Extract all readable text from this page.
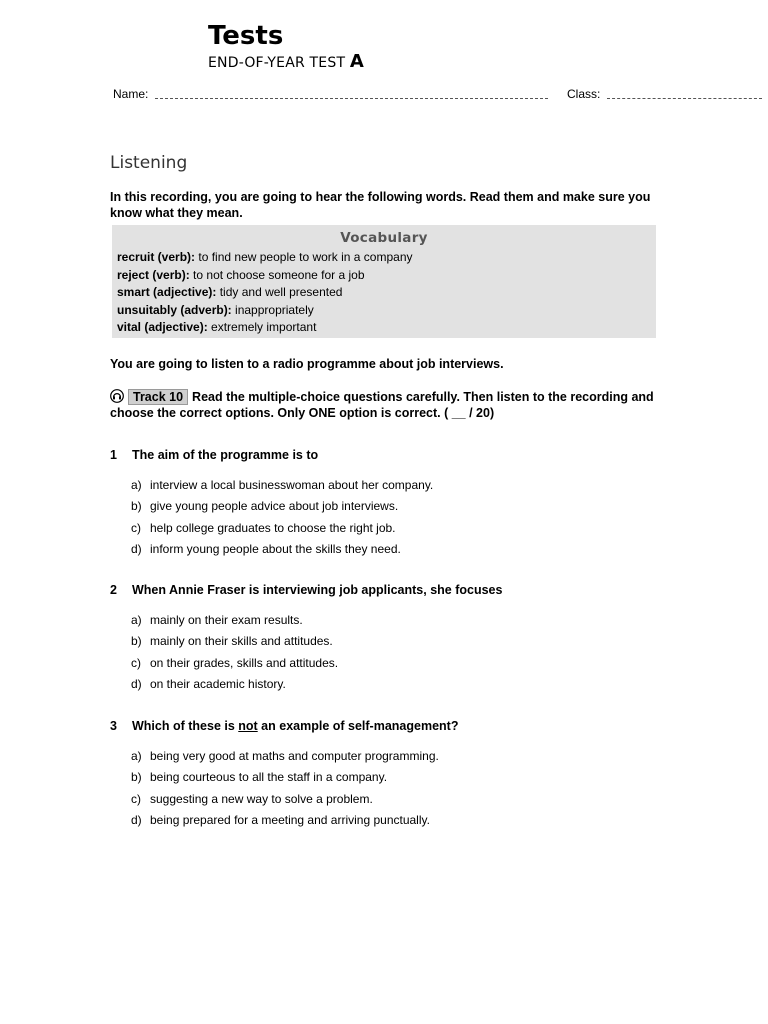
Tests
END-OF-YEAR TEST A
Name:	Class:
Listening
In this recording, you are going to hear the following words. Read them and make sure you know what they mean.
Vocabulary
recruit (verb): to find new people to work in a company
reject (verb): to not choose someone for a job
smart (adjective): tidy and well presented
unsuitably (adverb): inappropriately
vital (adjective): extremely important
You are going to listen to a radio programme about job interviews.
Track 10 Read the multiple-choice questions carefully. Then listen to the recording and choose the correct options. Only ONE option is correct. ( __ / 20)
1 The aim of the programme is to
a) interview a local businesswoman about her company.
b) give young people advice about job interviews.
c) help college graduates to choose the right job.
d) inform young people about the skills they need.
2 When Annie Fraser is interviewing job applicants, she focuses
a) mainly on their exam results.
b) mainly on their skills and attitudes.
c) on their grades, skills and attitudes.
d) on their academic history.
3 Which of these is not an example of self-management?
a) being very good at maths and computer programming.
b) being courteous to all the staff in a company.
c) suggesting a new way to solve a problem.
d) being prepared for a meeting and arriving punctually.
